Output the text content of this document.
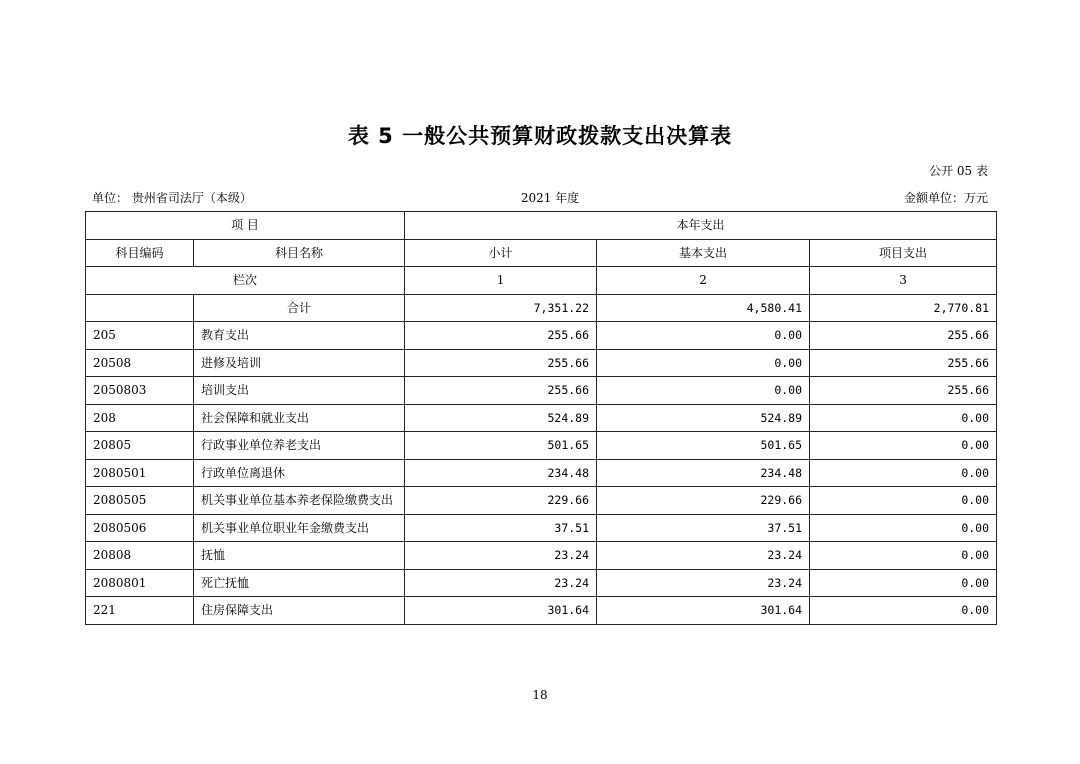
表 5 一般公共预算财政拨款支出决算表
公开 05 表
单位： 贵州省司法厅（本级）	2021 年度	金额单位：万元
项 目		本年支出		
科目编码	科目名称	小计	基本支出	项目支出
栏次		1	2	3
	合计	7,351.22	4,580.41	2,770.81
205	教育支出	255.66	0.00	255.66
20508	进修及培训	255.66	0.00	255.66
2050803	培训支出	255.66	0.00	255.66
208	社会保障和就业支出	524.89	524.89	0.00
20805	行政事业单位养老支出	501.65	501.65	0.00
2080501	行政单位离退休	234.48	234.48	0.00
2080505	机关事业单位基本养老保险缴费支出	229.66	229.66	0.00
2080506	机关事业单位职业年金缴费支出	37.51	37.51	0.00
20808	抚恤	23.24	23.24	0.00
2080801	死亡抚恤	23.24	23.24	0.00
221	住房保障支出	301.64	301.64	0.00
18
